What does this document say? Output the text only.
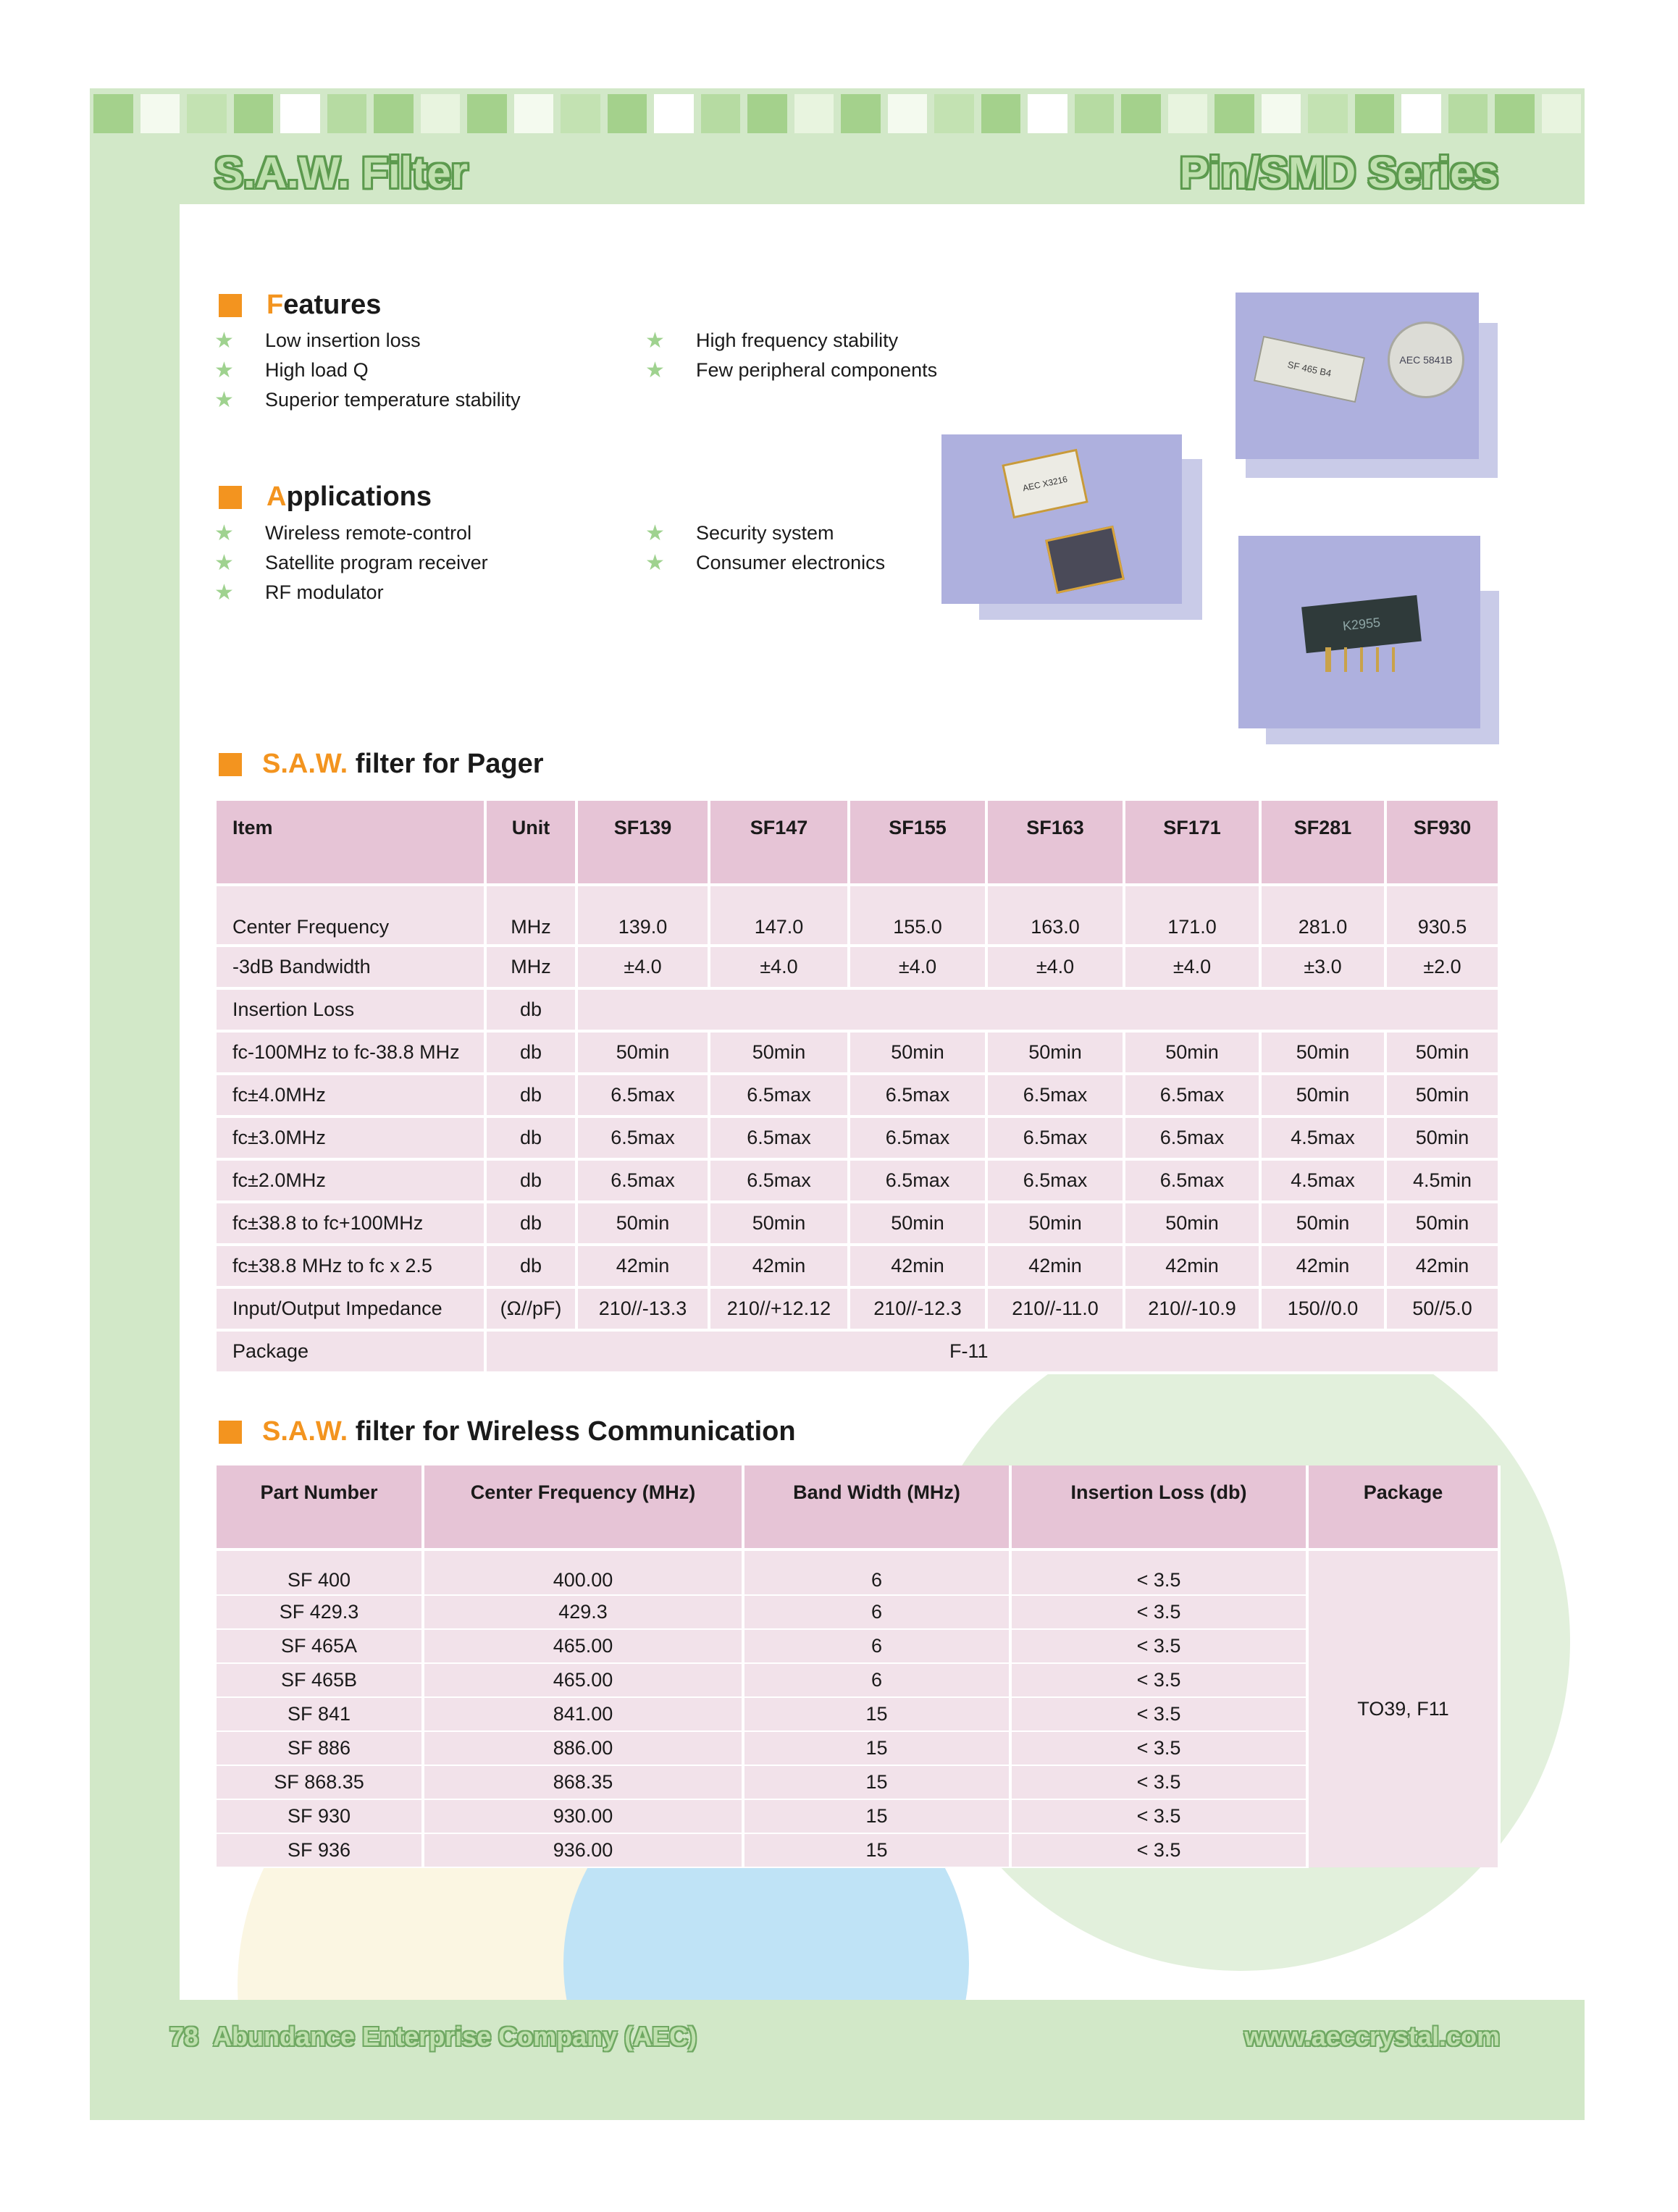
S.A.W. Filter	Pin/SMD Series
Features
★	Low insertion loss
★	High load Q
★	Superior temperature stability
★	High frequency stability
★	Few peripheral components
Applications
★	Wireless remote-control
★	Satellite program receiver
★	RF modulator
★	Security system
★	Consumer electronics
SF 465 B4	AEC 5841B
AEC X3216
K2955
S.A.W. filter for Pager
Item	Unit	SF139	SF147	SF155	SF163	SF171	SF281	SF930
Center Frequency	MHz	139.0	147.0	155.0	163.0	171.0	281.0	930.5
-3dB Bandwidth	MHz	±4.0	±4.0	±4.0	±4.0	±4.0	±3.0	±2.0
Insertion Loss	db							
fc-100MHz to fc-38.8 MHz	db	50min	50min	50min	50min	50min	50min	50min
fc±4.0MHz	db	6.5max	6.5max	6.5max	6.5max	6.5max	50min	50min
fc±3.0MHz	db	6.5max	6.5max	6.5max	6.5max	6.5max	4.5max	50min
fc±2.0MHz	db	6.5max	6.5max	6.5max	6.5max	6.5max	4.5max	4.5min
fc±38.8 to fc+100MHz	db	50min	50min	50min	50min	50min	50min	50min
fc±38.8 MHz to fc x 2.5	db	42min	42min	42min	42min	42min	42min	42min
Input/Output Impedance	(Ω//pF)	210//-13.3	210//+12.12	210//-12.3	210//-11.0	210//-10.9	150//0.0	50//5.0
Package		F-11						
S.A.W. filter for Wireless Communication
Part Number	Center Frequency (MHz)	Band Width (MHz)	Insertion Loss (db)	Package
SF 400	400.00	6	< 3.5	TO39, F11
SF 429.3	429.3	6	< 3.5	
SF 465A	465.00	6	< 3.5	
SF 465B	465.00	6	< 3.5	
SF 841	841.00	15	< 3.5	
SF 886	886.00	15	< 3.5	
SF 868.35	868.35	15	< 3.5	
SF 930	930.00	15	< 3.5	
SF 936	936.00	15	< 3.5	
78 Abundance Enterprise Company (AEC)	www.aeccrystal.com
